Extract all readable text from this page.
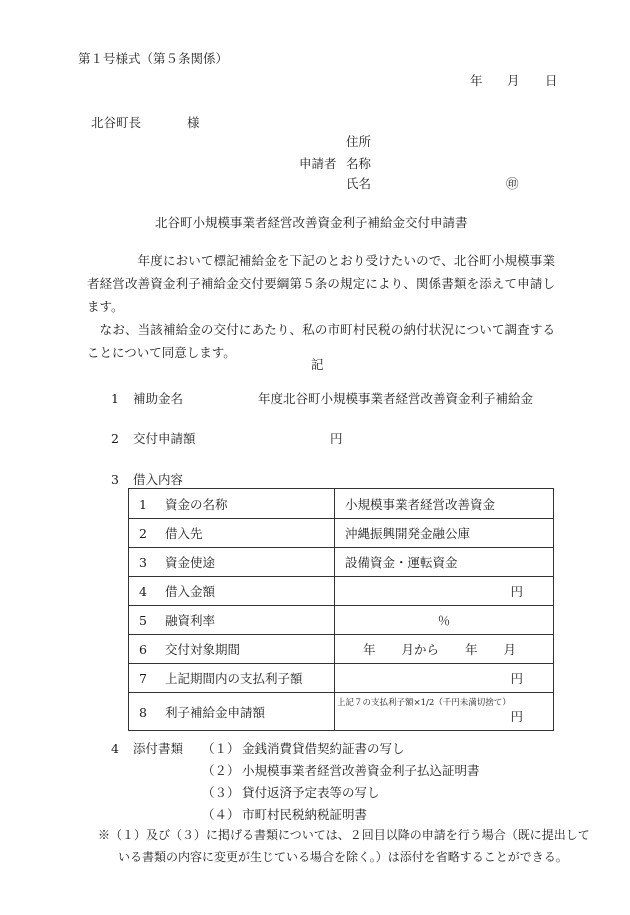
第１号様式（第５条関係）
年 月 日
北谷町長	様
住所
申請者 名称
氏名	㊞
北谷町小規模事業者経営改善資金利子補給金交付申請書
　　　　年度において標記補給金を下記のとおり受けたいので、北谷町小規模事業者経営改善資金利子補給金交付要綱第５条の規定により、関係書類を添えて申請します。
　なお、当該補給金の交付にあたり、私の市町村民税の納付状況について調査することについて同意します。
記
1 補助金名	年度北谷町小規模事業者経営改善資金利子補給金
2 交付申請額	円
3 借入内容
1 資金の名称	小規模事業者経営改善資金
2 借入先	沖縄振興開発金融公庫
3 資金使途	設備資金・運転資金
4 借入金額	円

5 融資利率	％

6 交付対象期間	年 月から 年 月
7 上記期間内の支払利子額	円

8 利子補給金申請額	上記７の支払利子額×1/2（千円未満切捨て）
円
4 添付書類 （１） 金銭消費貸借契約証書の写し
（２） 小規模事業者経営改善資金利子払込証明書
（３） 貸付返済予定表等の写し
（４） 市町村民税納税証明書
※（１）及び（３）に掲げる書類については、２回目以降の申請を行う場合（既に提出して
いる書類の内容に変更が生じている場合を除く。）は添付を省略することができる。
